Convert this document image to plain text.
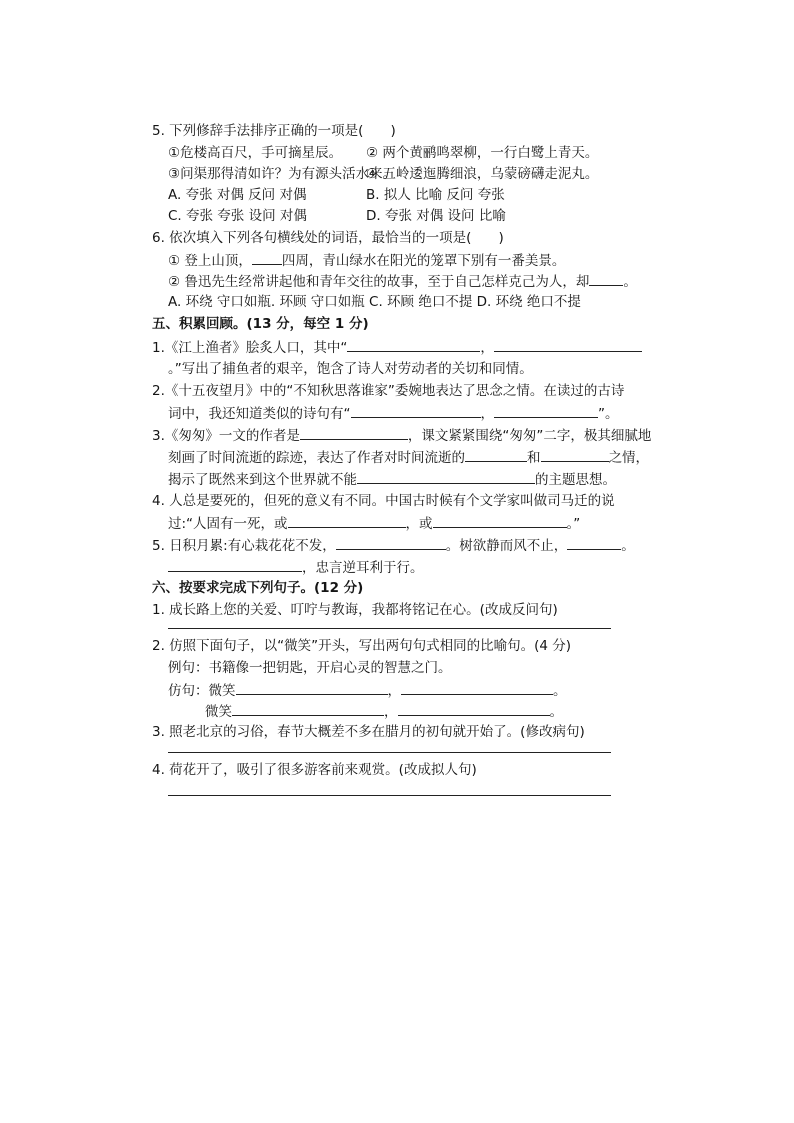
5. 下列修辞手法排序正确的一项是(　　)
①危楼高百尺，手可摘星辰。 ② 两个黄鹂鸣翠柳，一行白鹭上青天。
③问渠那得清如许？为有源头活水来。
④ 五岭逶迤腾细浪，乌蒙磅礴走泥丸。
A. 夸张 对偶 反问 对偶	B. 拟人 比喻 反问 夸张
C. 夸张 夸张 设问 对偶	D. 夸张 对偶 设问 比喻
6. 依次填入下列各句横线处的词语，最恰当的一项是(　　)
① 登上山顶， 四周，青山绿水在阳光的笼罩下别有一番美景。
② 鲁迅先生经常讲起他和青年交往的故事，至于自己怎样克己为人，却	。
A. 环绕 守口如瓶. 环顾 守口如瓶 C. 环顾 绝口不提 D. 环绕 绝口不提
五、积累回顾。(13 分，每空 1 分)
1.《江上渔者》脍炙人口，其中“	，
。”写出了捕鱼者的艰辛，饱含了诗人对劳动者的关切和同情。
2.《十五夜望月》中的“不知秋思落谁家”委婉地表达了思念之情。在读过的古诗
词中，我还知道类似的诗句有“	，	”。
3.《匆匆》一文的作者是	，课文紧紧围绕“匆匆”二字，极其细腻地
刻画了时间流逝的踪迹，表达了作者对时间流逝的	和	之情，
揭示了既然来到这个世界就不能	的主题思想。
4. 人总是要死的，但死的意义有不同。中国古时候有个文学家叫做司马迁的说
过:“人固有一死，或	，或	。”
5. 日积月累:有心栽花花不发，	。树欲静而风不止，	。
，忠言逆耳利于行。
六、按要求完成下列句子。(12 分)
1. 成长路上您的关爱、叮咛与教诲，我都将铭记在心。(改成反问句)
2. 仿照下面句子，以“微笑”开头，写出两句句式相同的比喻句。(4 分)
例句：书籍像一把钥匙，开启心灵的智慧之门。
仿句：微笑	，	。
微笑	，	。
3. 照老北京的习俗，春节大概差不多在腊月的初旬就开始了。(修改病句)
4. 荷花开了，吸引了很多游客前来观赏。(改成拟人句)
